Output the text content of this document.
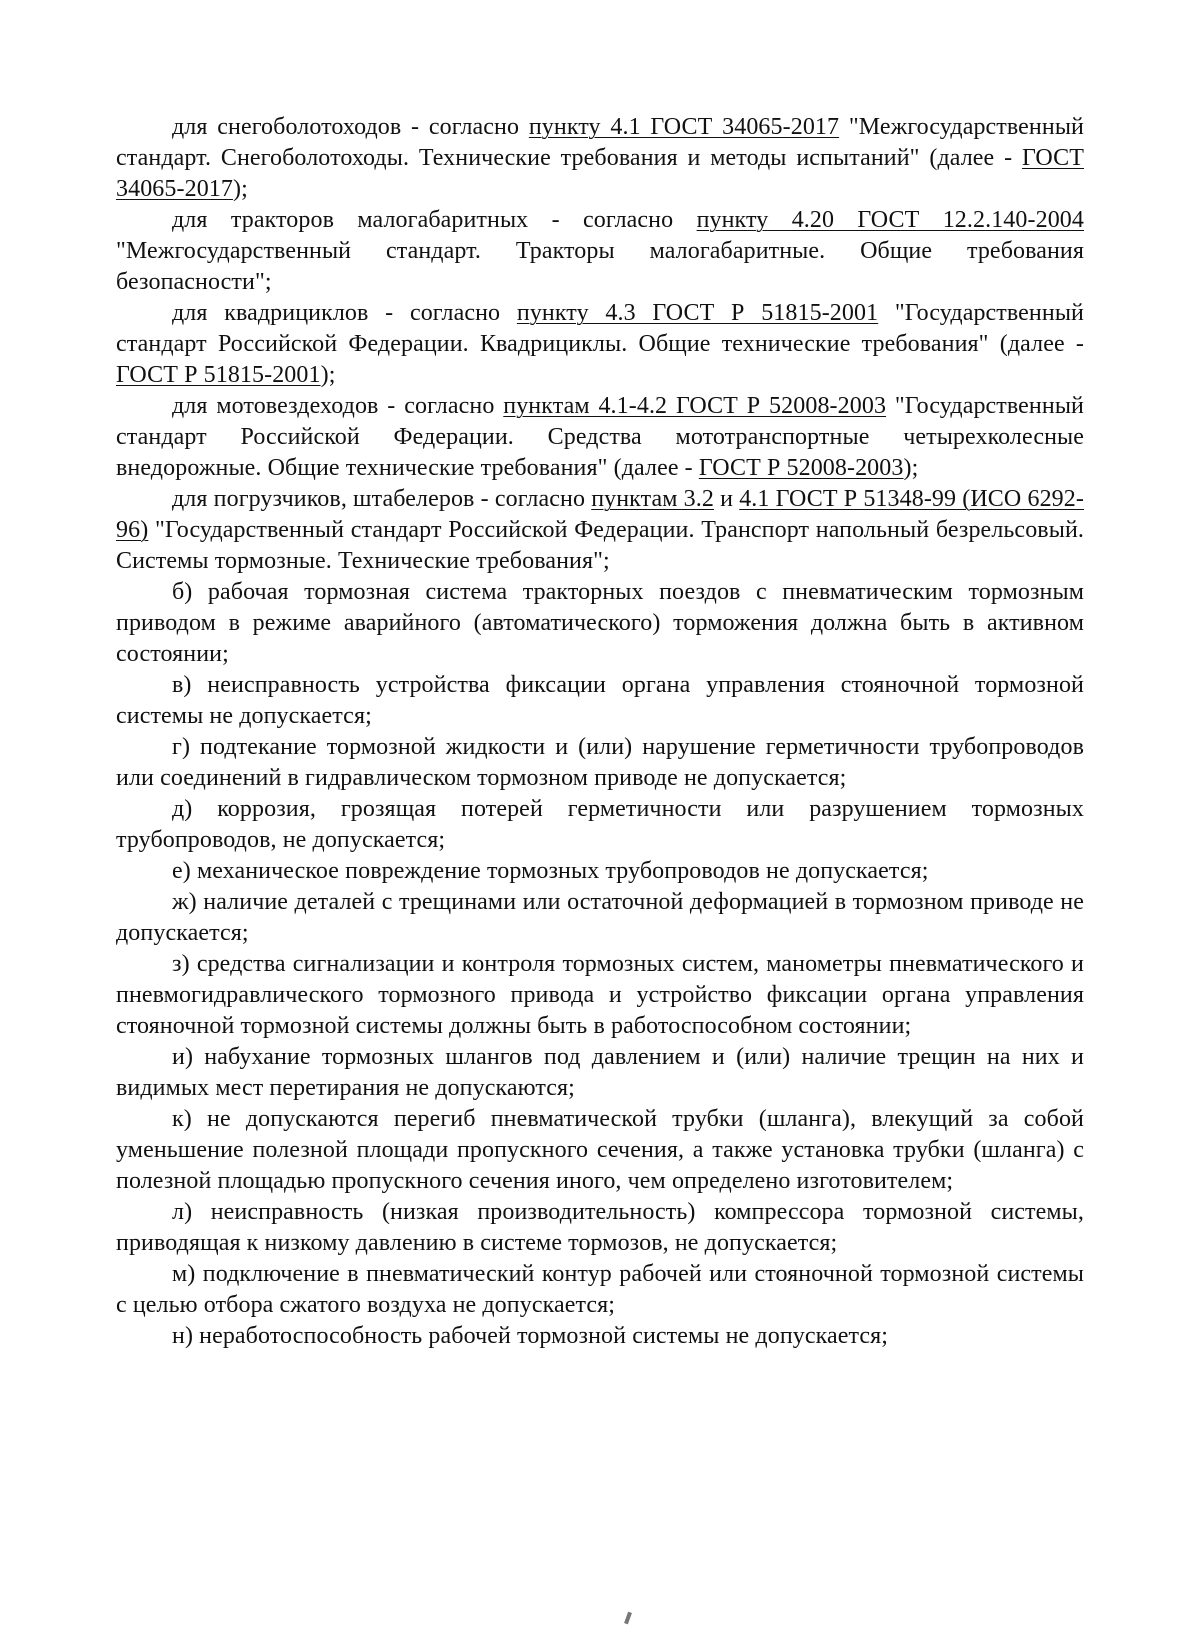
для снегоболотоходов - согласно пункту 4.1 ГОСТ 34065-2017 "Межгосударственный стандарт. Снегоболотоходы. Технические требования и методы испытаний" (далее - ГОСТ 34065-2017);

для тракторов малогабаритных - согласно пункту 4.20 ГОСТ 12.2.140-2004 "Межгосударственный стандарт. Тракторы малогабаритные. Общие требования безопасности";

для квадрициклов - согласно пункту 4.3 ГОСТ Р 51815-2001 "Государственный стандарт Российской Федерации. Квадрициклы. Общие технические требования" (далее - ГОСТ Р 51815-2001);

для мотовездеходов - согласно пунктам 4.1-4.2 ГОСТ Р 52008-2003 "Государственный стандарт Российской Федерации. Средства мототранспортные четырехколесные внедорожные. Общие технические требования" (далее - ГОСТ Р 52008-2003);

для погрузчиков, штабелеров - согласно пунктам 3.2 и 4.1 ГОСТ Р 51348-99 (ИСО 6292-96) "Государственный стандарт Российской Федерации. Транспорт напольный безрельсовый. Системы тормозные. Технические требования";

б) рабочая тормозная система тракторных поездов с пневматическим тормозным приводом в режиме аварийного (автоматического) торможения должна быть в активном состоянии;

в) неисправность устройства фиксации органа управления стояночной тормозной системы не допускается;

г) подтекание тормозной жидкости и (или) нарушение герметичности трубопроводов или соединений в гидравлическом тормозном приводе не допускается;

д) коррозия, грозящая потерей герметичности или разрушением тормозных трубопроводов, не допускается;

е) механическое повреждение тормозных трубопроводов не допускается;

ж) наличие деталей с трещинами или остаточной деформацией в тормозном приводе не допускается;

з) средства сигнализации и контроля тормозных систем, манометры пневматического и пневмогидравлического тормозного привода и устройство фиксации органа управления стояночной тормозной системы должны быть в работоспособном состоянии;

и) набухание тормозных шлангов под давлением и (или) наличие трещин на них и видимых мест перетирания не допускаются;

к) не допускаются перегиб пневматической трубки (шланга), влекущий за собой уменьшение полезной площади пропускного сечения, а также установка трубки (шланга) с полезной площадью пропускного сечения иного, чем определено изготовителем;

л) неисправность (низкая производительность) компрессора тормозной системы, приводящая к низкому давлению в системе тормозов, не допускается;

м) подключение в пневматический контур рабочей или стояночной тормозной системы с целью отбора сжатого воздуха не допускается;

н) неработоспособность рабочей тормозной системы не допускается;
